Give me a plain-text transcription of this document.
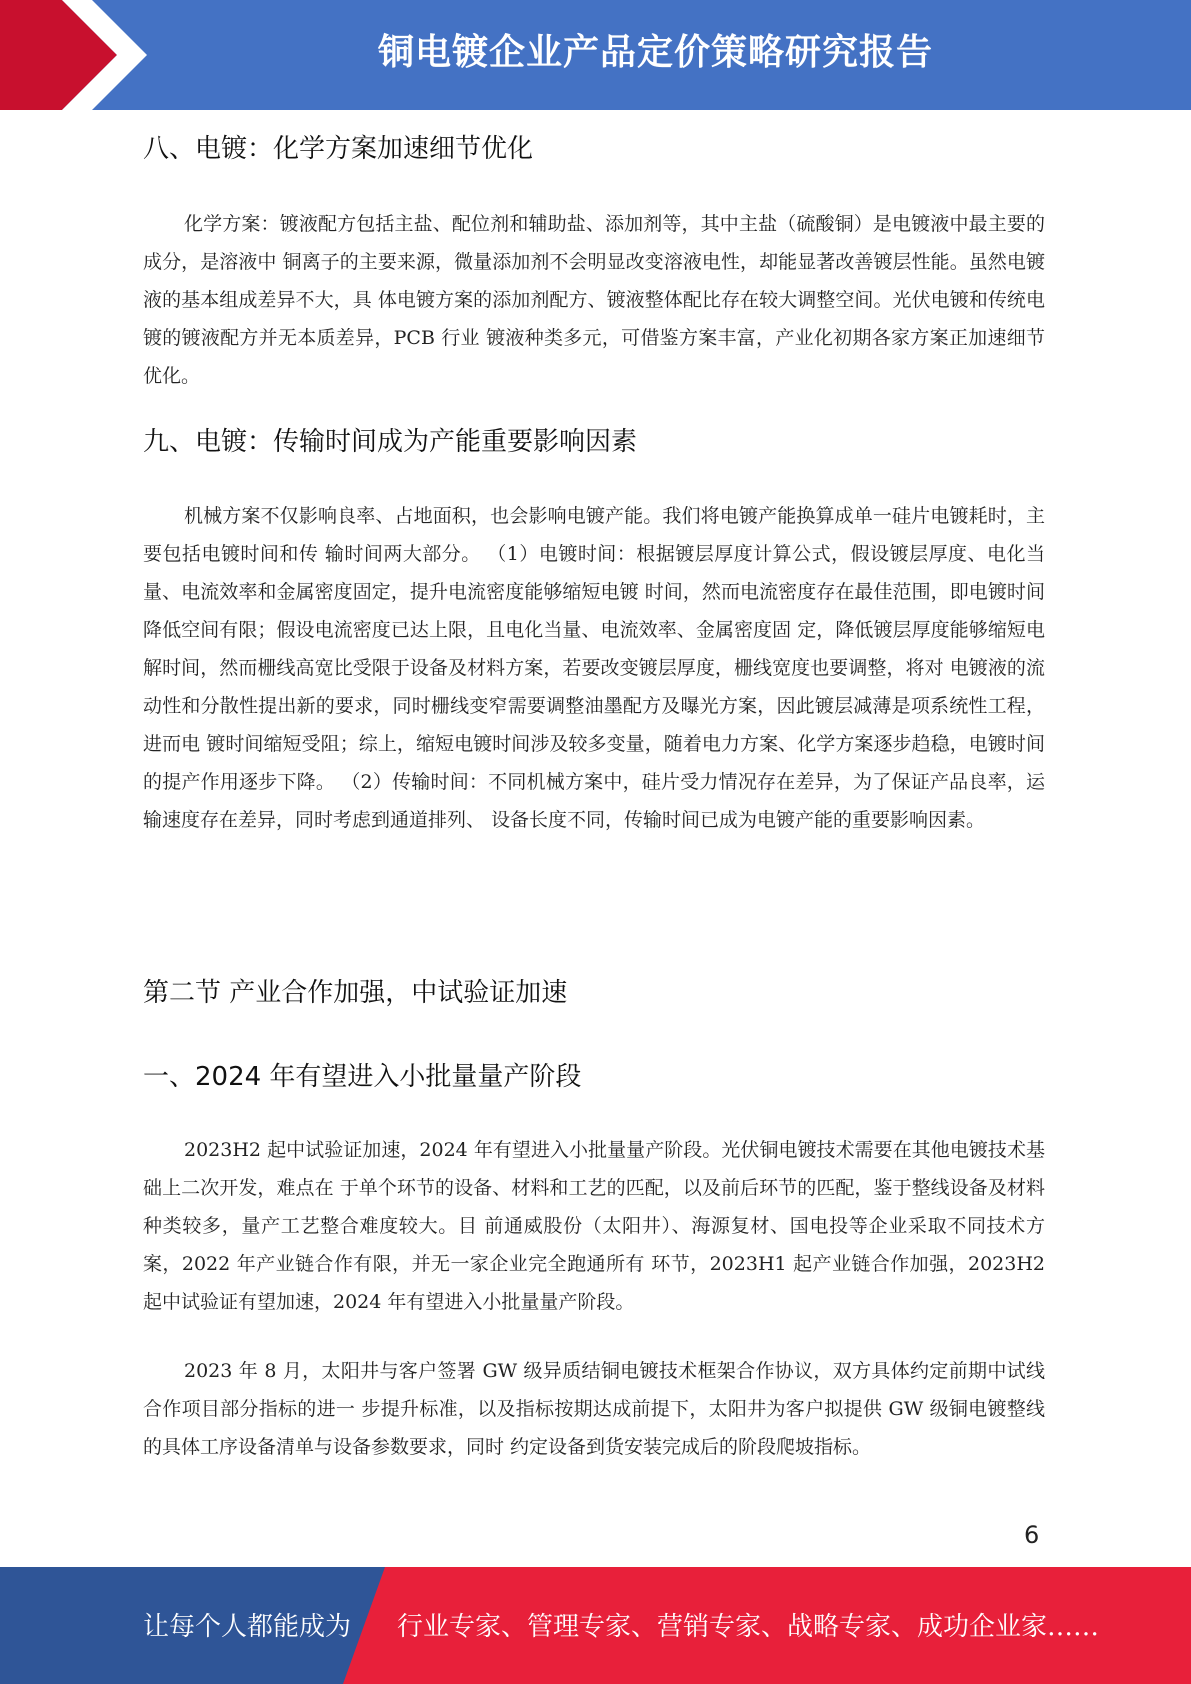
铜电镀企业产品定价策略研究报告
八、电镀：化学方案加速细节优化
化学方案：镀液配方包括主盐、配位剂和辅助盐、添加剂等，其中主盐（硫酸铜）是电镀液中最主要的成分，是溶液中 铜离子的主要来源，微量添加剂不会明显改变溶液电性，却能显著改善镀层性能。虽然电镀液的基本组成差异不大，具 体电镀方案的添加剂配方、镀液整体配比存在较大调整空间。光伏电镀和传统电镀的镀液配方并无本质差异，PCB 行业 镀液种类多元，可借鉴方案丰富，产业化初期各家方案正加速细节优化。
九、电镀：传输时间成为产能重要影响因素
机械方案不仅影响良率、占地面积，也会影响电镀产能。我们将电镀产能换算成单一硅片电镀耗时，主要包括电镀时间和传 输时间两大部分。 （1）电镀时间：根据镀层厚度计算公式，假设镀层厚度、电化当量、电流效率和金属密度固定，提升电流密度能够缩短电镀 时间，然而电流密度存在最佳范围，即电镀时间降低空间有限；假设电流密度已达上限，且电化当量、电流效率、金属密度固 定，降低镀层厚度能够缩短电解时间，然而栅线高宽比受限于设备及材料方案，若要改变镀层厚度，栅线宽度也要调整，将对 电镀液的流动性和分散性提出新的要求，同时栅线变窄需要调整油墨配方及曝光方案，因此镀层减薄是项系统性工程，进而电 镀时间缩短受阻；综上，缩短电镀时间涉及较多变量，随着电力方案、化学方案逐步趋稳，电镀时间的提产作用逐步下降。 （2）传输时间：不同机械方案中，硅片受力情况存在差异，为了保证产品良率，运输速度存在差异，同时考虑到通道排列、 设备长度不同，传输时间已成为电镀产能的重要影响因素。
第二节 产业合作加强，中试验证加速
一、2024 年有望进入小批量量产阶段
2023H2 起中试验证加速，2024 年有望进入小批量量产阶段。光伏铜电镀技术需要在其他电镀技术基础上二次开发，难点在 于单个环节的设备、材料和工艺的匹配，以及前后环节的匹配，鉴于整线设备及材料种类较多，量产工艺整合难度较大。目 前通威股份（太阳井）、海源复材、国电投等企业采取不同技术方案，2022 年产业链合作有限，并无一家企业完全跑通所有 环节，2023H1 起产业链合作加强，2023H2 起中试验证有望加速，2024 年有望进入小批量量产阶段。
2023 年 8 月，太阳井与客户签署 GW 级异质结铜电镀技术框架合作协议，双方具体约定前期中试线合作项目部分指标的进一 步提升标准，以及指标按期达成前提下，太阳井为客户拟提供 GW 级铜电镀整线的具体工序设备清单与设备参数要求，同时 约定设备到货安装完成后的阶段爬坡指标。
6
让每个人都能成为 行业专家、管理专家、营销专家、战略专家、成功企业家……
